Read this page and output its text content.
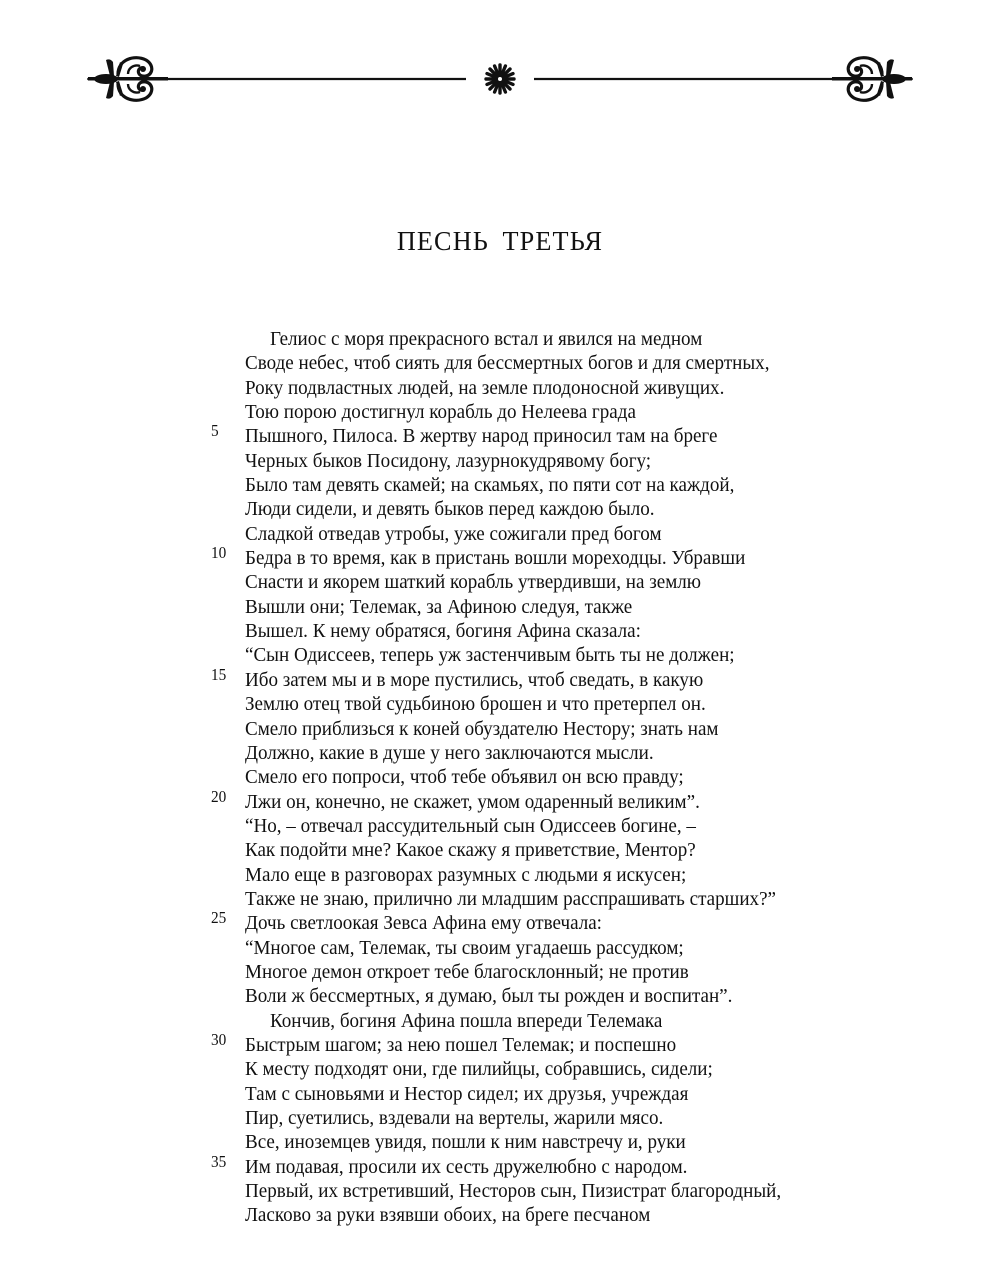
ПЕСНЬ ТРЕТЬЯ
Гелиос с моря прекрасного встал и явился на медном
Своде небес, чтоб сиять для бессмертных богов и для смертных,
Року подвластных людей, на земле плодоносной живущих.
Тою порою достигнул корабль до Нелеева града
5	Пышного, Пилоса. В жертву народ приносил там на бреге
Черных быков Посидону, лазурнокудрявому богу;
Было там девять скамей; на скамьях, по пяти сот на каждой,
Люди сидели, и девять быков перед каждою было.
Сладкой отведав утробы, уже сожигали пред богом
10 Бедра в то время, как в пристань вошли мореходцы. Убравши
Снасти и якорем шаткий корабль утвердивши, на землю
Вышли они; Телемак, за Афиною следуя, также
Вышел. К нему обратяся, богиня Афина сказала:
“Сын Одиссеев, теперь уж застенчивым быть ты не должен;
15 Ибо затем мы и в море пустились, чтоб сведать, в какую
Землю отец твой судьбиною брошен и что претерпел он.
Смело приблизься к коней обуздателю Нестору; знать нам
Должно, какие в душе у него заключаются мысли.
Смело его попроси, чтоб тебе объявил он всю правду;
20 Лжи он, конечно, не скажет, умом одаренный великим”.
“Но, – отвечал рассудительный сын Одиссеев богине, –
Как подойти мне? Какое скажу я приветствие, Ментор?
Мало еще в разговорах разумных с людьми я искусен;
Также не знаю, прилично ли младшим расспрашивать старших?”
25 Дочь светлоокая Зевса Афина ему отвечала:
“Многое сам, Телемак, ты своим угадаешь рассудком;
Многое демон откроет тебе благосклонный; не против
Воли ж бессмертных, я думаю, был ты рожден и воспитан”.
Кончив, богиня Афина пошла впереди Телемака
30 Быстрым шагом; за нею пошел Телемак; и поспешно
К месту подходят они, где пилийцы, собравшись, сидели;
Там с сыновьями и Нестор сидел; их друзья, учреждая
Пир, суетились, вздевали на вертелы, жарили мясо.
Все, иноземцев увидя, пошли к ним навстречу и, руки
35 Им подавая, просили их сесть дружелюбно с народом.
Первый, их встретивший, Несторов сын, Пизистрат благородный,
Ласково за руки взявши обоих, на бреге песчаном
